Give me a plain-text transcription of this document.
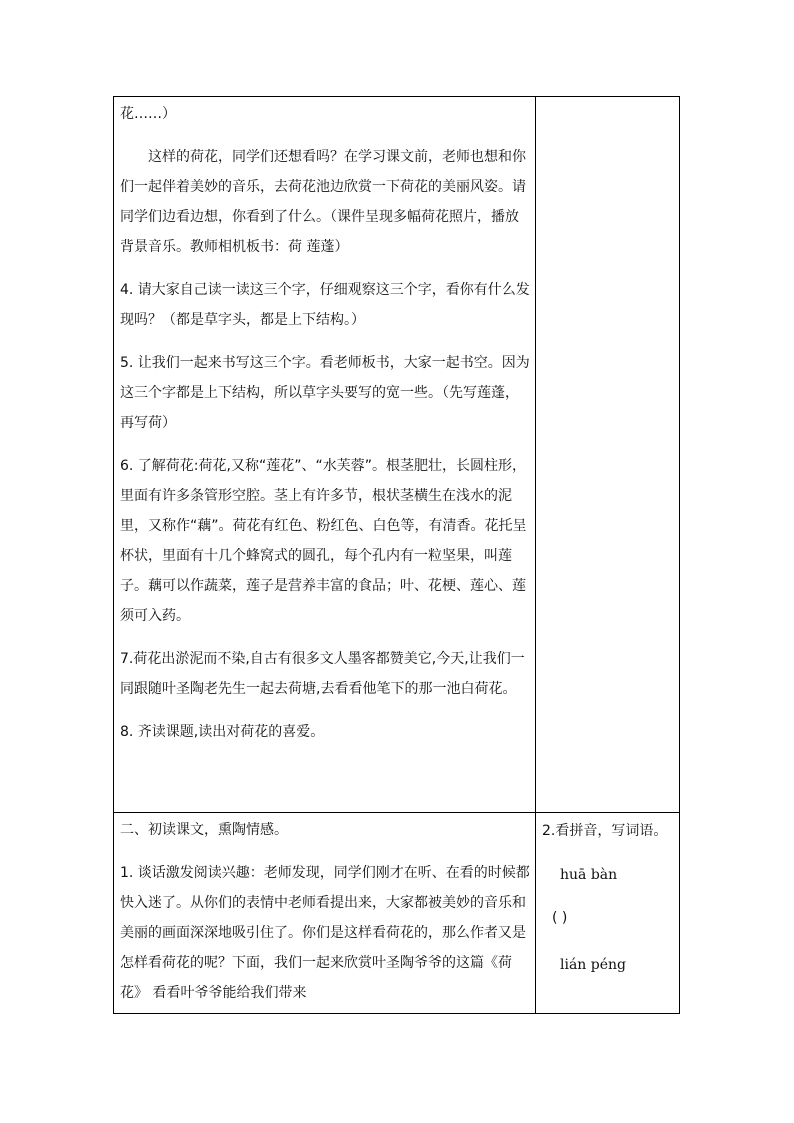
花……）

这样的荷花，同学们还想看吗？在学习课文前，老师也想和你们一起伴着美妙的音乐，去荷花池边欣赏一下荷花的美丽风姿。请同学们边看边想，你看到了什么。（课件呈现多幅荷花照片，播放背景音乐。教师相机板书：荷 莲蓬）

4. 请大家自己读一读这三个字，仔细观察这三个字，看你有什么发现吗？（都是草字头，都是上下结构。）

5. 让我们一起来书写这三个字。看老师板书，大家一起书空。因为这三个字都是上下结构，所以草字头要写的宽一些。（先写莲蓬，再写荷）

6. 了解荷花:荷花,又称“莲花”、“水芙蓉”。根茎肥壮，长圆柱形，里面有许多条管形空腔。茎上有许多节，根状茎横生在浅水的泥里，又称作“藕”。荷花有红色、粉红色、白色等，有清香。花托呈杯状，里面有十几个蜂窝式的圆孔，每个孔内有一粒坚果，叫莲子。藕可以作蔬菜，莲子是营养丰富的食品；叶、花梗、莲心、莲须可入药。

7.荷花出淤泥而不染,自古有很多文人墨客都赞美它,今天,让我们一同跟随叶圣陶老先生一起去荷塘,去看看他笔下的那一池白荷花。

8. 齐读课题,读出对荷花的喜爱。

二、初读课文，熏陶情感。

1. 谈话激发阅读兴趣：老师发现，同学们刚才在听、在看的时候都快入迷了。从你们的表情中老师看提出来，大家都被美妙的音乐和美丽的画面深深地吸引住了。你们是这样看荷花的，那么作者又是怎样看荷花的呢？下面，我们一起来欣赏叶圣陶爷爷的这篇《荷花》 看看叶爷爷能给我们带来

2.看拼音，写词语。
huā bàn
( )
lián péng
